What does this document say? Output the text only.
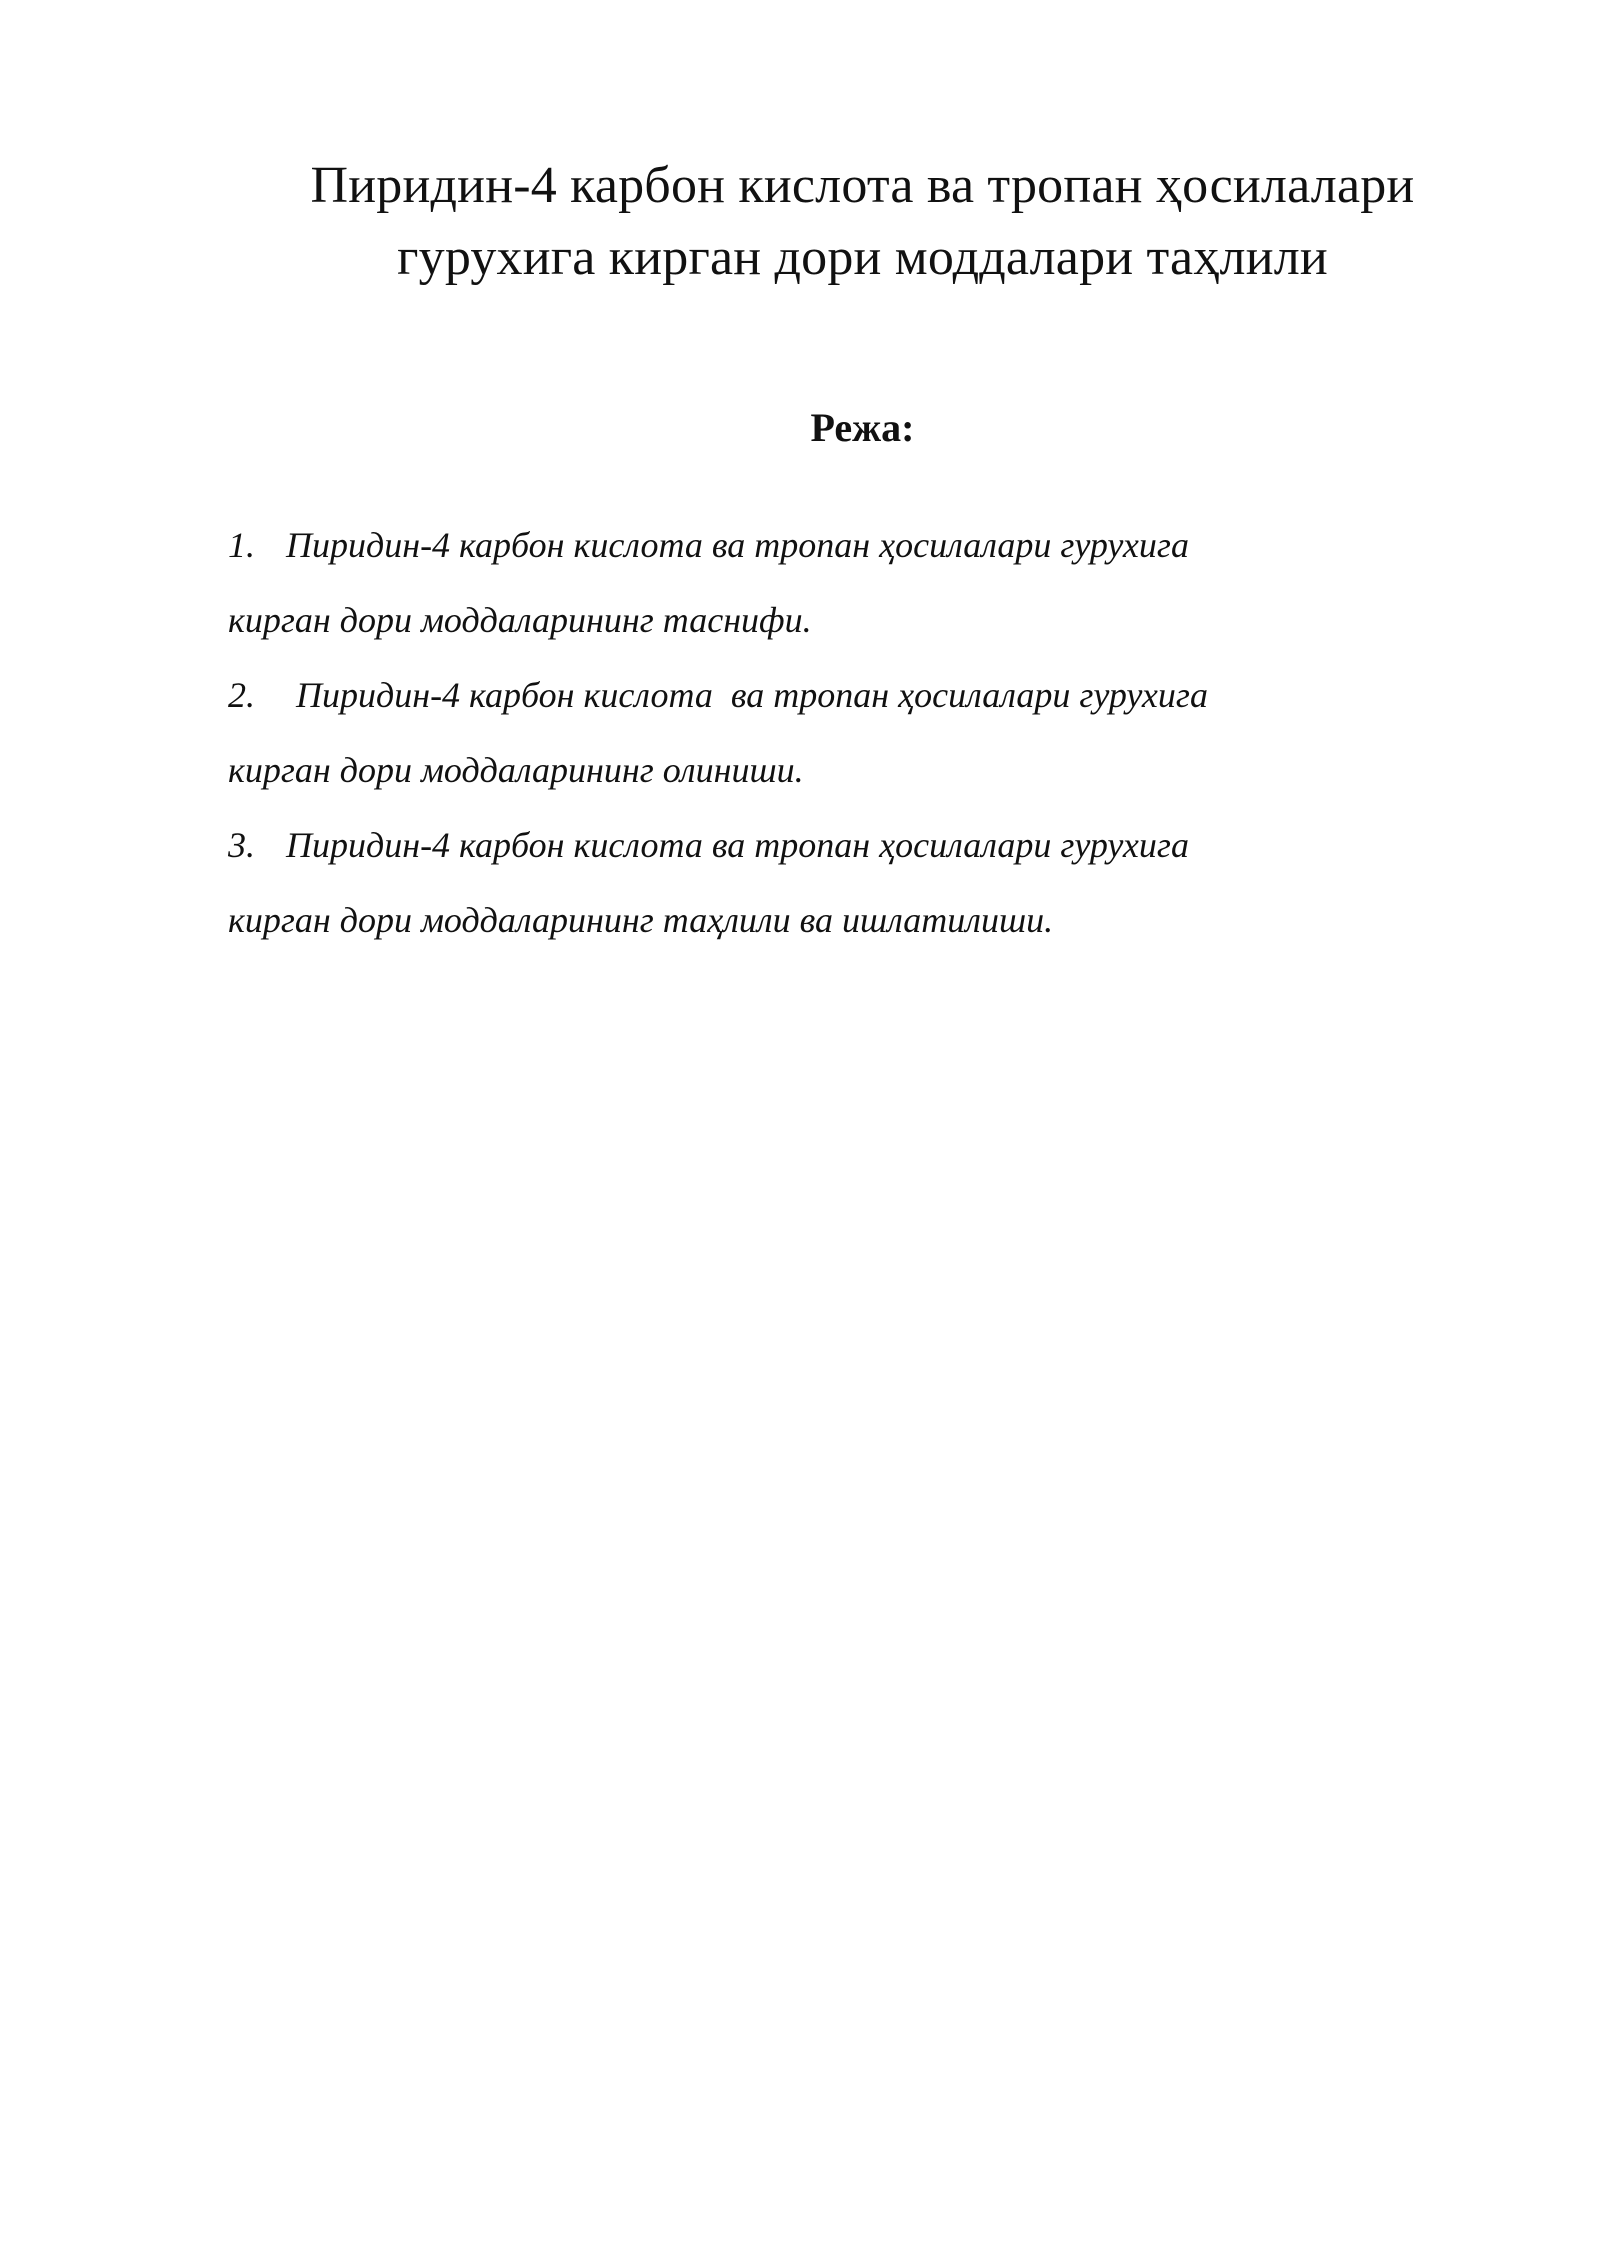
Пиридин-4 карбон кислота ва тропан ҳосилалари
гурухига кирган дори моддалари таҳлили
Режа:
1. Пиридин-4 карбон кислота ва тропан ҳосилалари гурухига
кирган дори моддаларининг таснифи.
2. Пиридин-4 карбон кислота  ва тропан ҳосилалари гурухига
кирган дори моддаларининг олиниши.
3. Пиридин-4 карбон кислота ва тропан ҳосилалари гурухига
кирган дори моддаларининг таҳлили ва ишлатилиши.
